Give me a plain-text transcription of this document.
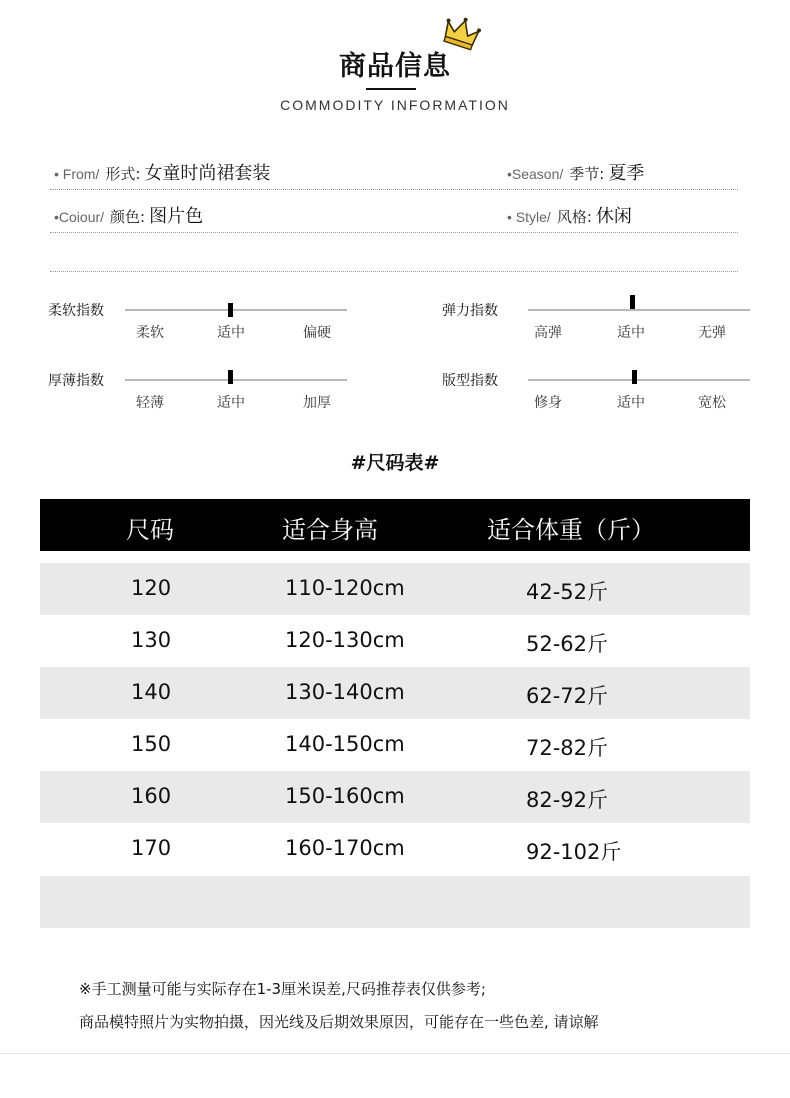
商品信息
COMMODITY INFORMATION
• From/ 形式: 女童时尚裙套装	•Season/ 季节: 夏季
•Coiour/ 颜色: 图片色	• Style/ 风格: 休闲
柔软指数
柔软	适中	偏硬
弹力指数
高弹	适中	无弹
厚薄指数
轻薄	适中	加厚
版型指数
修身	适中	宽松
#尺码表#
尺码	适合身高	适合体重（斤）
120	110-120cm	42-52斤
130	120-130cm	52-62斤
140	130-140cm	62-72斤
150	140-150cm	72-82斤
160	150-160cm	82-92斤
170	160-170cm	92-102斤
※手工测量可能与实际存在1-3厘米误差,尺码推荐表仅供参考;
商品模特照片为实物拍摄，因光线及后期效果原因，可能存在一些色差, 请谅解
